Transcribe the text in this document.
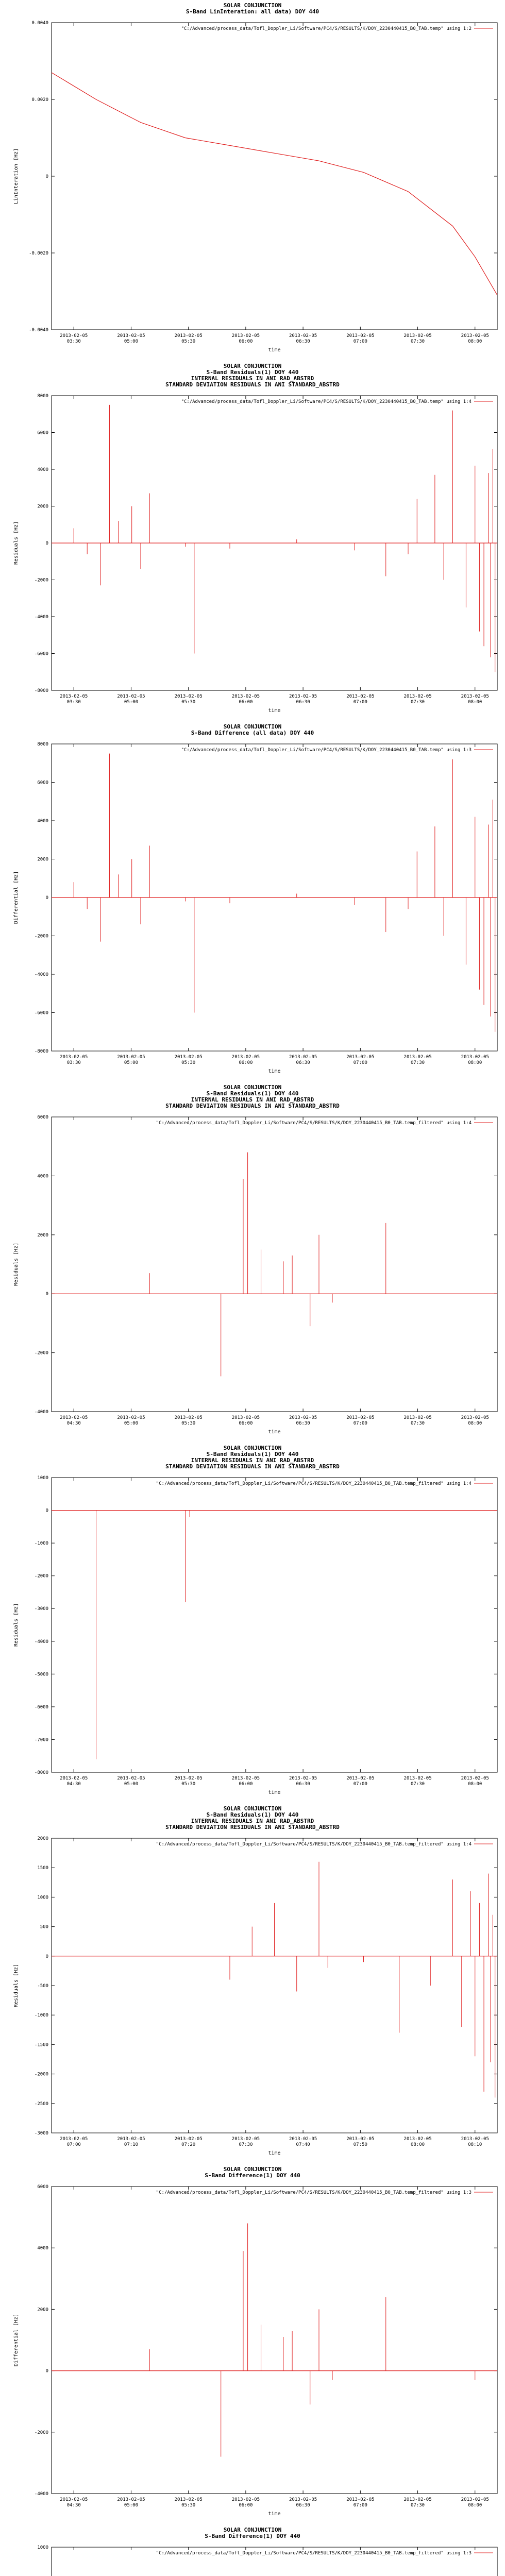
SOLAR CONJUNCTION
S-Band LinInteration: all data) DOY 440
0.0040
0.0020
0
-0.0020
-0.0040
2013-02-05
03:30
2013-02-05
05:00
2013-02-05
05:30
2013-02-05
06:00
2013-02-05
06:30
2013-02-05
07:00
2013-02-05
07:30
2013-02-05
08:00
time
LinInteration [Hz]
"C:/Advanced/process_data/Tofl_Doppler_Li/Software/PC4/S/RESULTS/K/DOY_2230440415_B0_TAB.temp" using 1:2
SOLAR CONJUNCTION
S-Band Residuals(1) DOY 440
INTERNAL RESIDUALS IN ANI RAD_ABSTRD
STANDARD DEVIATION RESIDUALS IN ANI STANDARD_ABSTRD
8000
6000
4000
2000
0
-2000
-4000
-6000
-8000
2013-02-05
03:30
2013-02-05
05:00
2013-02-05
05:30
2013-02-05
06:00
2013-02-05
06:30
2013-02-05
07:00
2013-02-05
07:30
2013-02-05
08:00
time
Residuals [Hz]
"C:/Advanced/process_data/Tofl_Doppler_Li/Software/PC4/S/RESULTS/K/DOY_2230440415_B0_TAB.temp" using 1:4
SOLAR CONJUNCTION
S-Band Difference (all data) DOY 440
8000
6000
4000
2000
0
-2000
-4000
-6000
-8000
2013-02-05
03:30
2013-02-05
05:00
2013-02-05
05:30
2013-02-05
06:00
2013-02-05
06:30
2013-02-05
07:00
2013-02-05
07:30
2013-02-05
08:00
time
Differential [Hz]
"C:/Advanced/process_data/Tofl_Doppler_Li/Software/PC4/S/RESULTS/K/DOY_2230440415_B0_TAB.temp" using 1:3
SOLAR CONJUNCTION
S-Band Residuals(1) DOY 440
INTERNAL RESIDUALS IN ANI RAD_ABSTRD
STANDARD DEVIATION RESIDUALS IN ANI STANDARD_ABSTRD
6000
4000
2000
0
-2000
-4000
2013-02-05
04:30
2013-02-05
05:00
2013-02-05
05:30
2013-02-05
06:00
2013-02-05
06:30
2013-02-05
07:00
2013-02-05
07:30
2013-02-05
08:00
time
Residuals [Hz]
"C:/Advanced/process_data/Tofl_Doppler_Li/Software/PC4/S/RESULTS/K/DOY_2230440415_B0_TAB.temp_filtered" using 1:4
SOLAR CONJUNCTION
S-Band Residuals(1) DOY 440
INTERNAL RESIDUALS IN ANI RAD_ABSTRD
STANDARD DEVIATION RESIDUALS IN ANI STANDARD_ABSTRD
1000
0
-1000
-2000
-3000
-4000
-5000
-6000
-7000
-8000
2013-02-05
04:30
2013-02-05
05:00
2013-02-05
05:30
2013-02-05
06:00
2013-02-05
06:30
2013-02-05
07:00
2013-02-05
07:30
2013-02-05
08:00
time
Residuals [Hz]
"C:/Advanced/process_data/Tofl_Doppler_Li/Software/PC4/S/RESULTS/K/DOY_2230440415_B0_TAB.temp_filtered" using 1:4
SOLAR CONJUNCTION
S-Band Residuals(1) DOY 440
INTERNAL RESIDUALS IN ANI RAD_ABSTRD
STANDARD DEVIATION RESIDUALS IN ANI STANDARD_ABSTRD
2000
1500
1000
500
0
-500
-1000
-1500
-2000
-2500
-3000
2013-02-05
07:00
2013-02-05
07:10
2013-02-05
07:20
2013-02-05
07:30
2013-02-05
07:40
2013-02-05
07:50
2013-02-05
08:00
2013-02-05
08:10
time
Residuals [Hz]
"C:/Advanced/process_data/Tofl_Doppler_Li/Software/PC4/S/RESULTS/K/DOY_2230440415_B0_TAB.temp_filtered" using 1:4
SOLAR CONJUNCTION
S-Band Difference(1) DOY 440
6000
4000
2000
0
-2000
-4000
2013-02-05
04:30
2013-02-05
05:00
2013-02-05
05:30
2013-02-05
06:00
2013-02-05
06:30
2013-02-05
07:00
2013-02-05
07:30
2013-02-05
08:00
time
Differential [Hz]
"C:/Advanced/process_data/Tofl_Doppler_Li/Software/PC4/S/RESULTS/K/DOY_2230440415_B0_TAB.temp_filtered" using 1:3
SOLAR CONJUNCTION
S-Band Difference(1) DOY 440
1000
"C:/Advanced/process_data/Tofl_Doppler_Li/Software/PC4/S/RESULTS/K/DOY_2230440415_B0_TAB.temp_filtered" using 1:3
